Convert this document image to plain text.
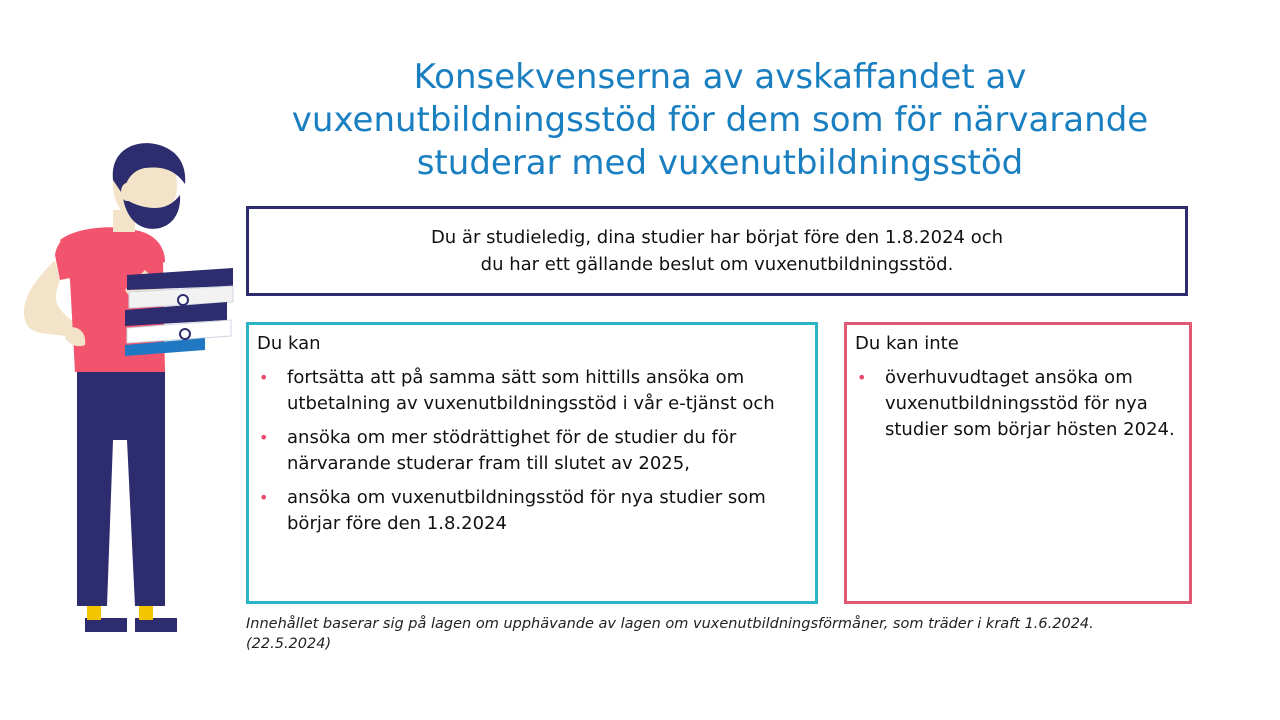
Konsekvenserna av avskaffandet av
vuxenutbildningsstöd för dem som för närvarande
studerar med vuxenutbildningsstöd
Du är studieledig, dina studier har börjat före den 1.8.2024 och
du har ett gällande beslut om vuxenutbildningsstöd.
Du kan
• fortsätta att på samma sätt som hittills ansöka om utbetalning av vuxenutbildningsstöd i vår e-tjänst och
• ansöka om mer stödrättighet för de studier du för närvarande studerar fram till slutet av 2025,
• ansöka om vuxenutbildningsstöd för nya studier som börjar före den 1.8.2024
Du kan inte
• överhuvudtaget ansöka om vuxenutbildningsstöd för nya studier som börjar hösten 2024.
Innehållet baserar sig på lagen om upphävande av lagen om vuxenutbildningsförmåner, som träder i kraft 1.6.2024.
(22.5.2024)
